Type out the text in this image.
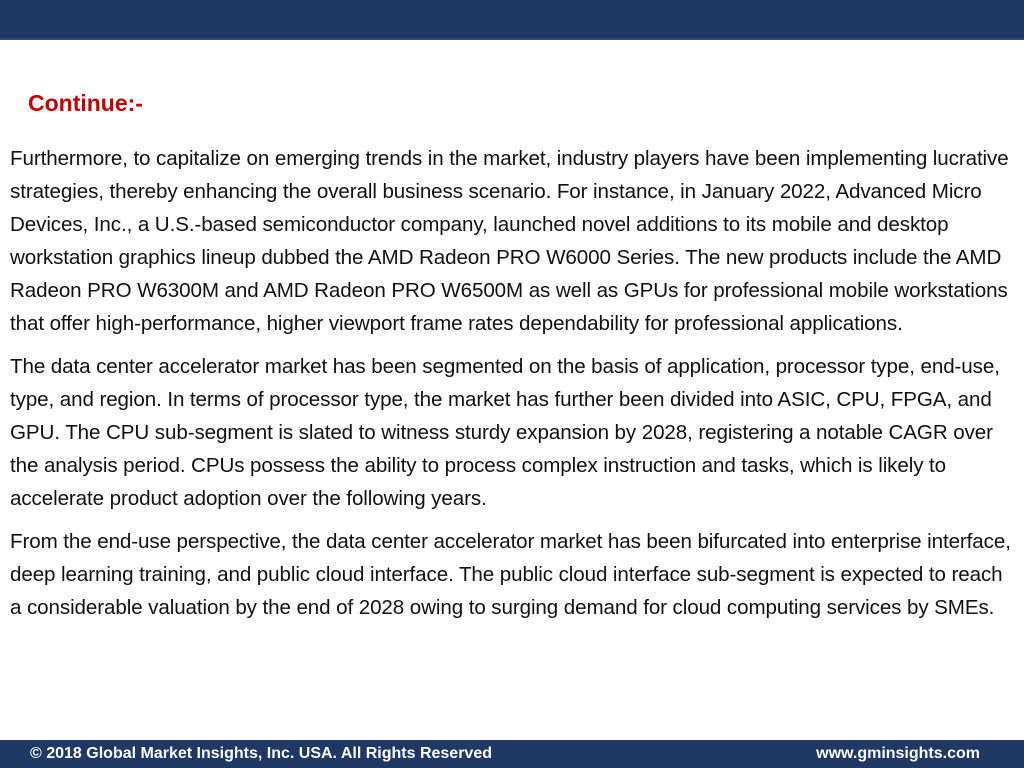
Continue:-

Furthermore, to capitalize on emerging trends in the market, industry players have been implementing lucrative strategies, thereby enhancing the overall business scenario. For instance, in January 2022, Advanced Micro Devices, Inc., a U.S.-based semiconductor company, launched novel additions to its mobile and desktop workstation graphics lineup dubbed the AMD Radeon PRO W6000 Series. The new products include the AMD Radeon PRO W6300M and AMD Radeon PRO W6500M as well as GPUs for professional mobile workstations that offer high-performance, higher viewport frame rates dependability for professional applications.

The data center accelerator market has been segmented on the basis of application, processor type, end-use, type, and region. In terms of processor type, the market has further been divided into ASIC, CPU, FPGA, and GPU. The CPU sub-segment is slated to witness sturdy expansion by 2028, registering a notable CAGR over the analysis period. CPUs possess the ability to process complex instruction and tasks, which is likely to accelerate product adoption over the following years.

From the end-use perspective, the data center accelerator market has been bifurcated into enterprise interface, deep learning training, and public cloud interface. The public cloud interface sub-segment is expected to reach a considerable valuation by the end of 2028 owing to surging demand for cloud computing services by SMEs.

© 2018 Global Market Insights, Inc. USA. All Rights Reserved	www.gminsights.com
